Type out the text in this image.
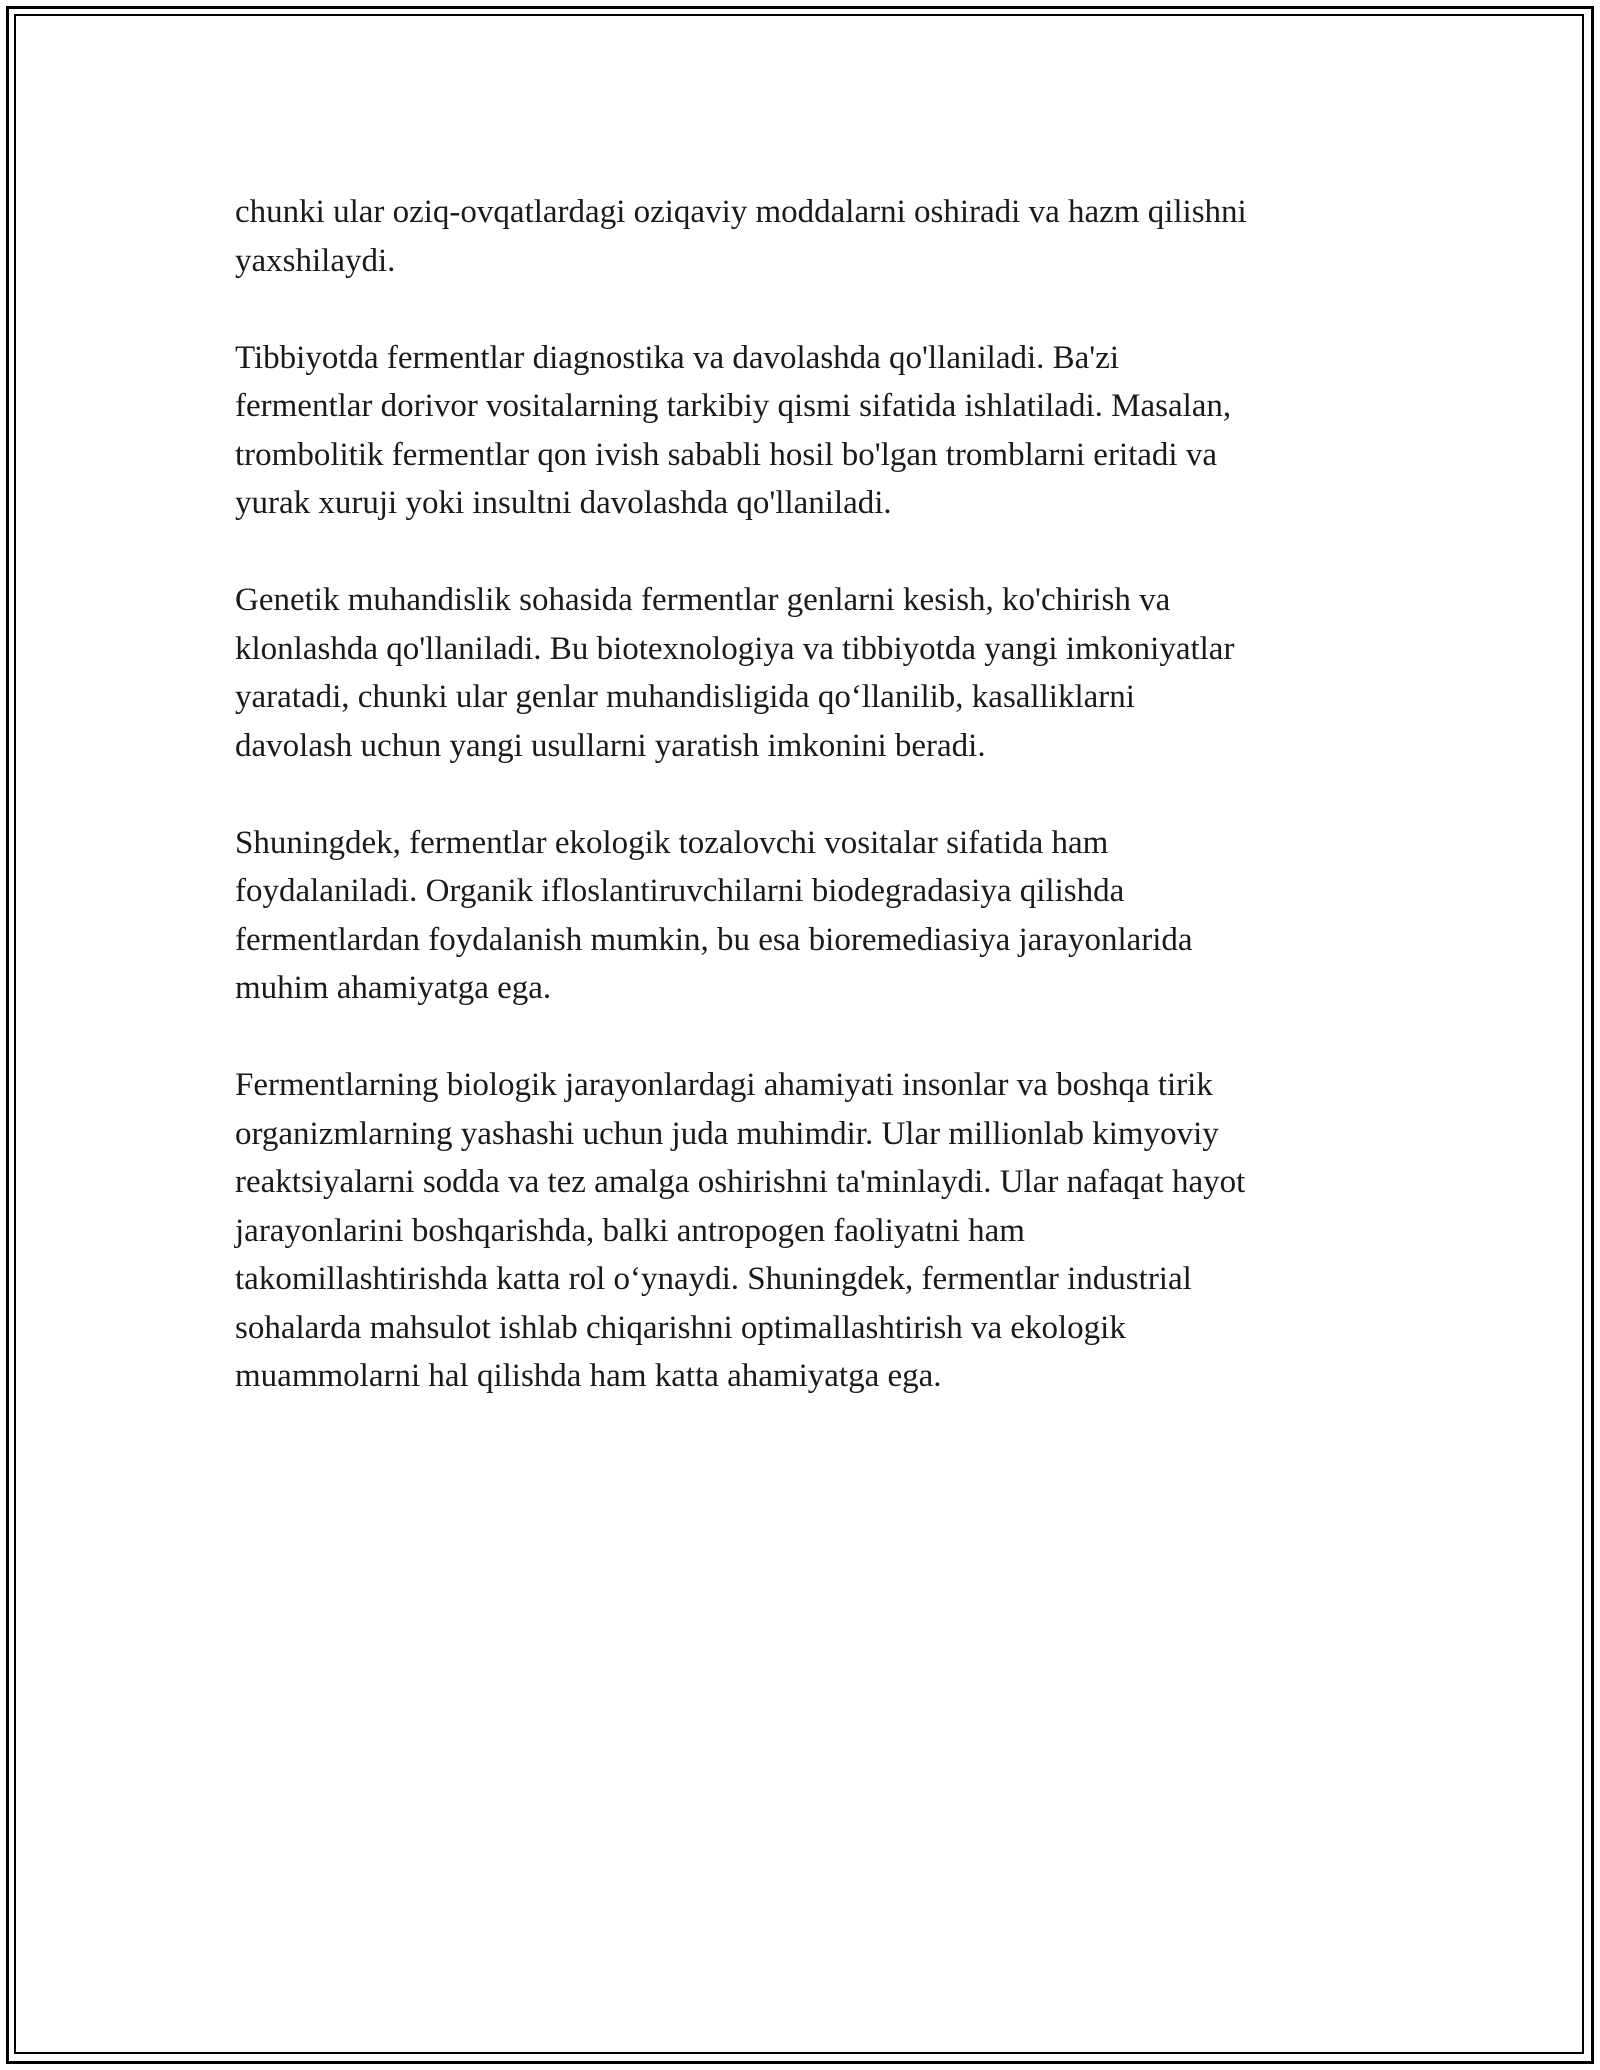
chunki ular oziq-ovqatlardagi oziqaviy moddalarni oshiradi va hazm qilishni
yaxshilaydi.

Tibbiyotda fermentlar diagnostika va davolashda qo'llaniladi. Ba'zi
fermentlar dorivor vositalarning tarkibiy qismi sifatida ishlatiladi. Masalan,
trombolitik fermentlar qon ivish sababli hosil bo'lgan tromblarni eritadi va
yurak xuruji yoki insultni davolashda qo'llaniladi.

Genetik muhandislik sohasida fermentlar genlarni kesish, ko'chirish va
klonlashda qo'llaniladi. Bu biotexnologiya va tibbiyotda yangi imkoniyatlar
yaratadi, chunki ular genlar muhandisligida qo‘llanilib, kasalliklarni
davolash uchun yangi usullarni yaratish imkonini beradi.

Shuningdek, fermentlar ekologik tozalovchi vositalar sifatida ham
foydalaniladi. Organik ifloslantiruvchilarni biodegradasiya qilishda
fermentlardan foydalanish mumkin, bu esa bioremediasiya jarayonlarida
muhim ahamiyatga ega.

Fermentlarning biologik jarayonlardagi ahamiyati insonlar va boshqa tirik
organizmlarning yashashi uchun juda muhimdir. Ular millionlab kimyoviy
reaktsiyalarni sodda va tez amalga oshirishni ta'minlaydi. Ular nafaqat hayot
jarayonlarini boshqarishda, balki antropogen faoliyatni ham
takomillashtirishda katta rol o‘ynaydi. Shuningdek, fermentlar industrial
sohalarda mahsulot ishlab chiqarishni optimallashtirish va ekologik
muammolarni hal qilishda ham katta ahamiyatga ega.
